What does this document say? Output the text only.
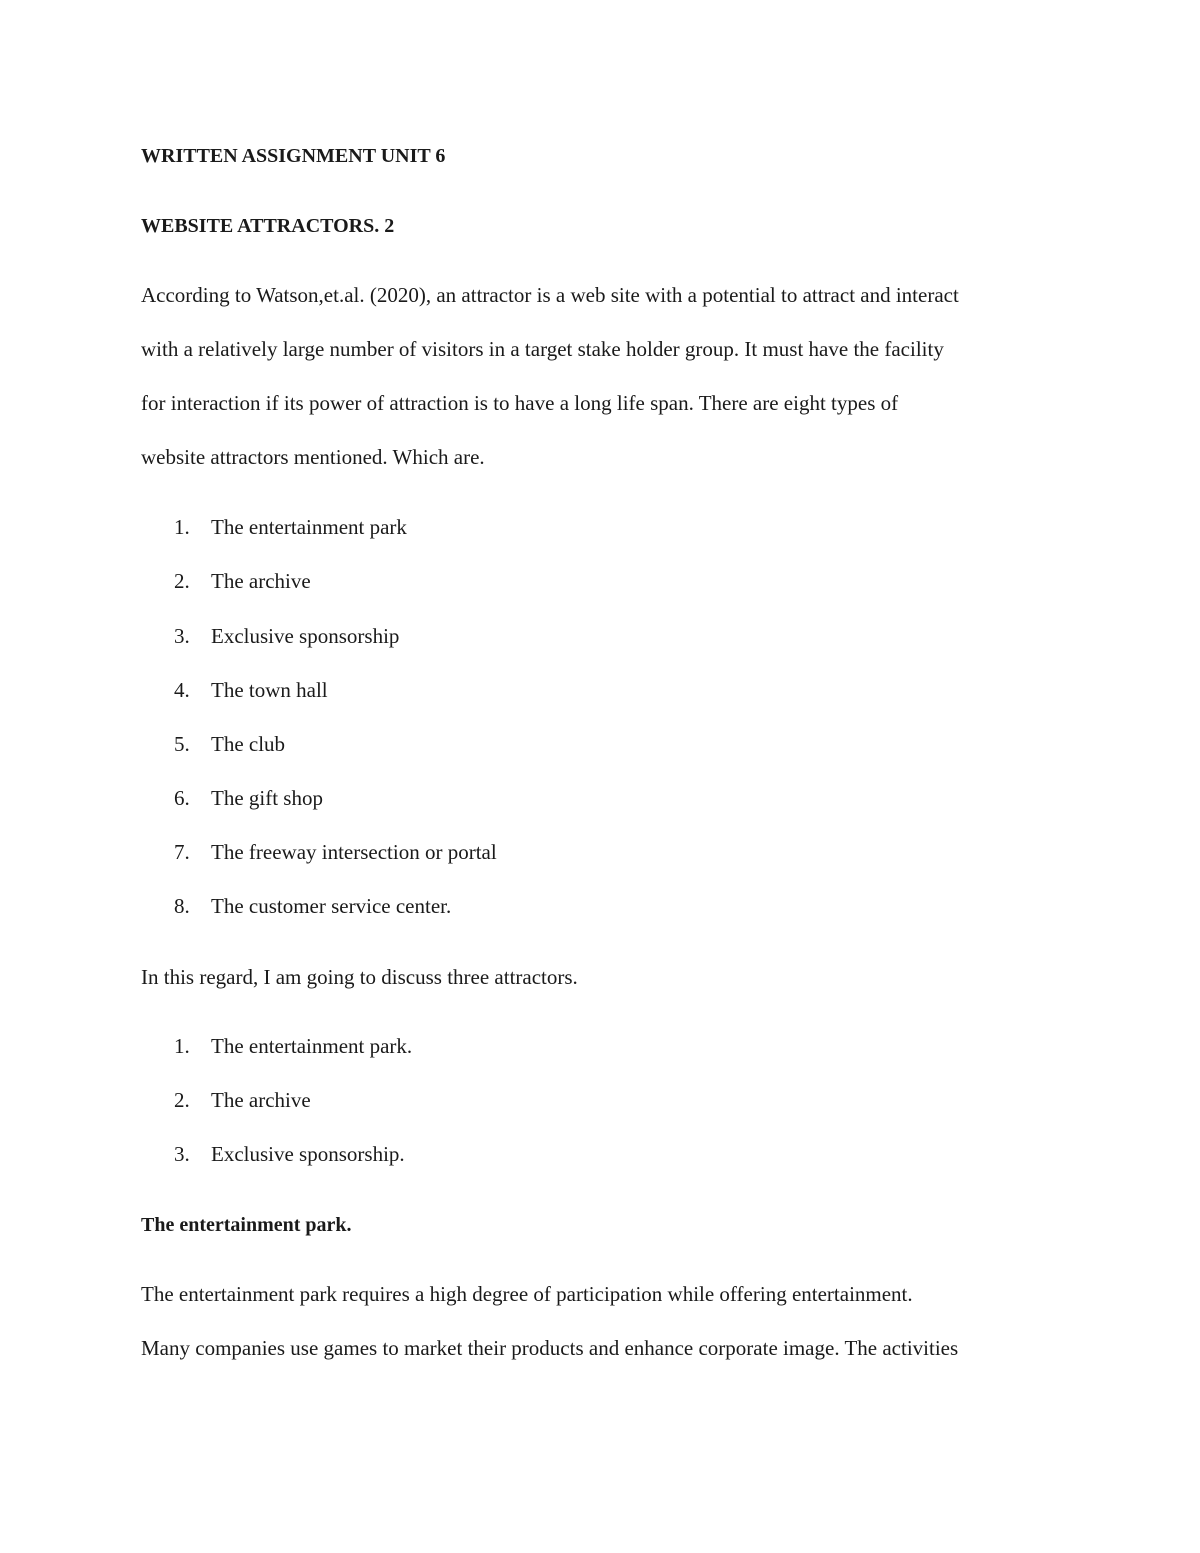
WRITTEN ASSIGNMENT UNIT 6
WEBSITE ATTRACTORS. 2
According to Watson,et.al. (2020), an attractor is a web site with a potential to attract and interact
with a relatively large number of visitors in a target stake holder group. It must have the facility
for interaction if its power of attraction is to have a long life span. There are eight types of
website attractors mentioned. Which are.
1. The entertainment park
2. The archive
3. Exclusive sponsorship
4. The town hall
5. The club
6. The gift shop
7. The freeway intersection or portal
8. The customer service center.
In this regard, I am going to discuss three attractors.
1. The entertainment park.
2. The archive
3. Exclusive sponsorship.
The entertainment park.
The entertainment park requires a high degree of participation while offering entertainment.
Many companies use games to market their products and enhance corporate image. The activities
